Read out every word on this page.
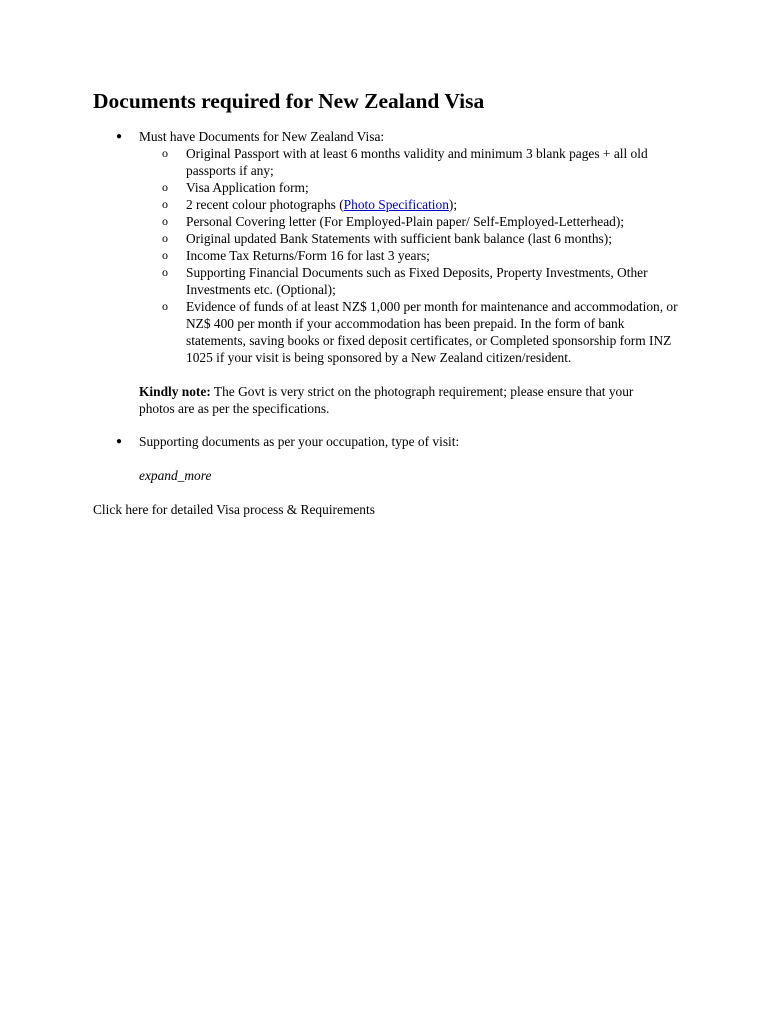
Documents required for New Zealand Visa
● Must have Documents for New Zealand Visa:
o Original Passport with at least 6 months validity and minimum 3 blank pages + all old passports if any;
o Visa Application form;
o 2 recent colour photographs (Photo Specification);
o Personal Covering letter (For Employed-Plain paper/ Self-Employed-Letterhead);
o Original updated Bank Statements with sufficient bank balance (last 6 months);
o Income Tax Returns/Form 16 for last 3 years;
o Supporting Financial Documents such as Fixed Deposits, Property Investments, Other Investments etc. (Optional);
o Evidence of funds of at least NZ$ 1,000 per month for maintenance and accommodation, or NZ$ 400 per month if your accommodation has been prepaid. In the form of bank statements, saving books or fixed deposit certificates, or Completed sponsorship form INZ 1025 if your visit is being sponsored by a New Zealand citizen/resident.
Kindly note: The Govt is very strict on the photograph requirement; please ensure that your photos are as per the specifications.
● Supporting documents as per your occupation, type of visit:
expand_more
Click here for detailed Visa process & Requirements
